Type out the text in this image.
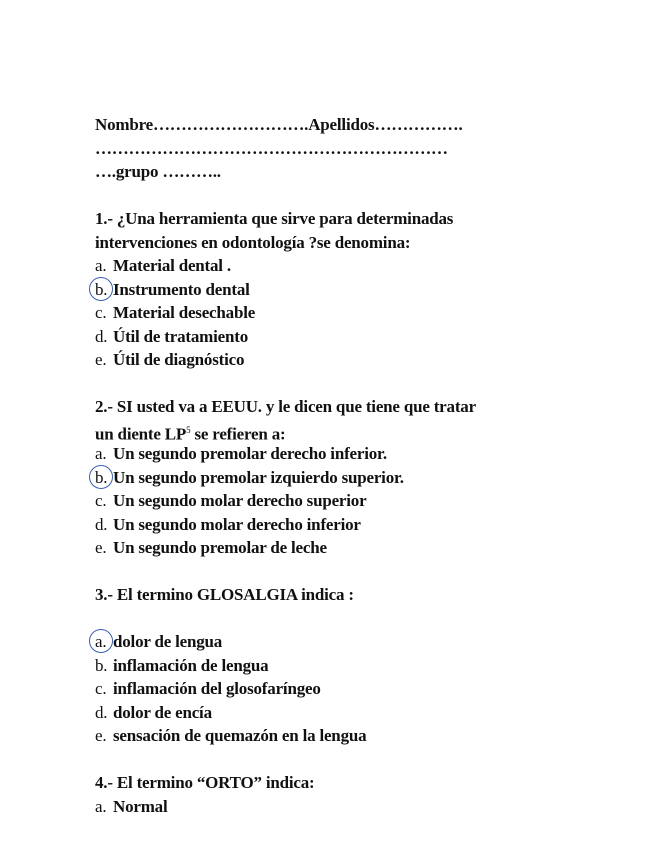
Nombre……………………….Apellidos…………….
………………………………………………………
….grupo ………..
1.- ¿Una herramienta que sirve para determinadas
intervenciones en odontología ?se denomina:
a. Material dental .
b. Instrumento dental
c. Material desechable
d. Útil de tratamiento
e. Útil de diagnóstico
2.- SI usted va a EEUU. y le dicen que tiene que tratar
un diente $LP^5$ se refieren a:
a. Un segundo premolar derecho inferior.
b. Un segundo premolar izquierdo superior.
c. Un segundo molar derecho superior
d. Un segundo molar derecho inferior
e. Un segundo premolar de leche
3.- El termino GLOSALGIA indica :
a. dolor de lengua
b. inflamación de lengua
c. inflamación del glosofaríngeo
d. dolor de encía
e. sensación de quemazón en la lengua
4.- El termino “ORTO” indica:
a. Normal
